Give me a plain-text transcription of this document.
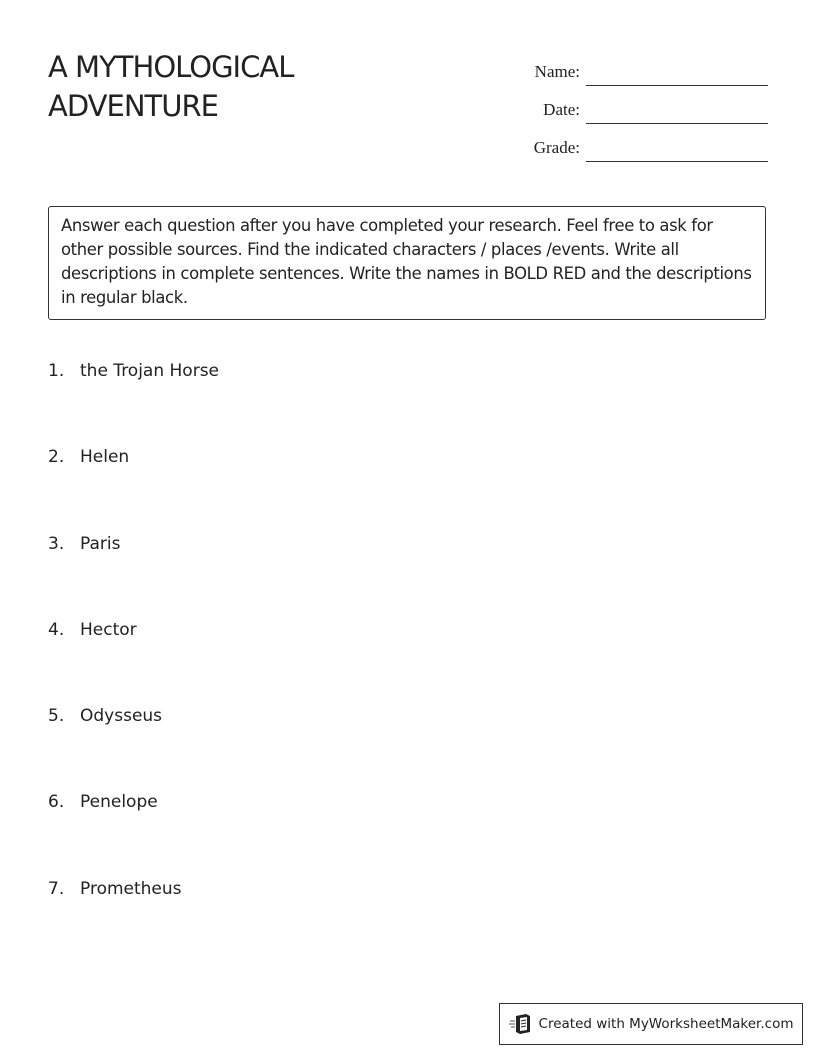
A MYTHOLOGICAL
ADVENTURE
Name:
Date:
Grade:
Answer each question after you have completed your research. Feel free to ask for other possible sources. Find the indicated characters / places /events. Write all descriptions in complete sentences. Write the names in BOLD RED and the descriptions in regular black.
1. the Trojan Horse
2. Helen
3. Paris
4. Hector
5. Odysseus
6. Penelope
7. Prometheus
Created with MyWorksheetMaker.com
